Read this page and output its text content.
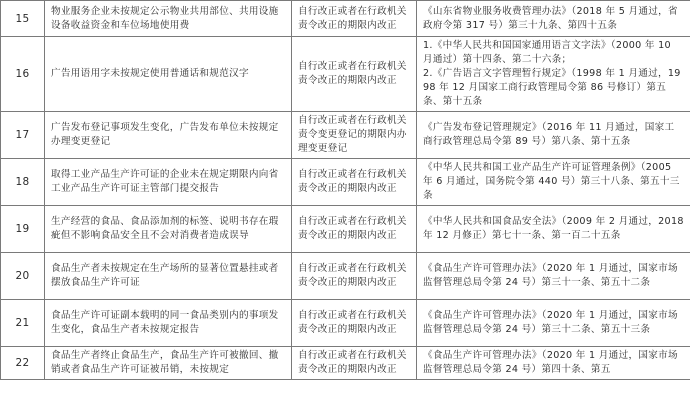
15	物业服务企业未按规定公示物业共用部位、共用设施设备收益资金和车位场地使用费	自行改正或者在行政机关责令改正的期限内改正	《山东省物业服务收费管理办法》（2018 年 5 月通过，省政府令第 317 号）第三十九条、第四十五条

16	广告用语用字未按规定使用普通话和规范汉字	自行改正或者在行政机关责令改正的期限内改正	1.《中华人民共和国国家通用语言文字法》（2000 年 10 月通过）第十四条、第二十六条；
2.《广告语言文字管理暂行规定》（1998 年 1 月通过，1998 年 12 月国家工商行政管理局令第 86 号修订）第五条、第十五条

17	广告发布登记事项发生变化，广告发布单位未按规定办理变更登记	自行改正或者在行政机关责令变更登记的期限内办理变更登记	《广告发布登记管理规定》（2016 年 11 月通过，国家工商行政管理总局令第 89 号）第八条、第十五条

18	取得工业产品生产许可证的企业未在规定期限内向省工业产品生产许可证主管部门提交报告	自行改正或者在行政机关责令改正的期限内改正	《中华人民共和国工业产品生产许可证管理条例》（2005 年 6 月通过，国务院令第 440 号）第三十八条、第五十三条

19	生产经营的食品、食品添加剂的标签、说明书存在瑕疵但不影响食品安全且不会对消费者造成误导	自行改正或者在行政机关责令改正的期限内改正	《中华人民共和国食品安全法》（2009 年 2 月通过，2018 年 12 月修正）第七十一条、第一百二十五条

20	食品生产者未按规定在生产场所的显著位置悬挂或者摆放食品生产许可证	自行改正或者在行政机关责令改正的期限内改正	《食品生产许可管理办法》（2020 年 1 月通过，国家市场监督管理总局令第 24 号）第三十一条、第五十二条

21	食品生产许可证副本载明的同一食品类别内的事项发生变化，食品生产者未按规定报告	自行改正或者在行政机关责令改正的期限内改正	《食品生产许可管理办法》（2020 年 1 月通过，国家市场监督管理总局令第 24 号）第三十二条、第五十三条

22	食品生产者终止食品生产，食品生产许可被撤回、撤销或者食品生产许可证被吊销，未按规定	自行改正或者在行政机关责令改正的期限内改正	《食品生产许可管理办法》（2020 年 1 月通过，国家市场监督管理总局令第 24 号）第四十条、第五
